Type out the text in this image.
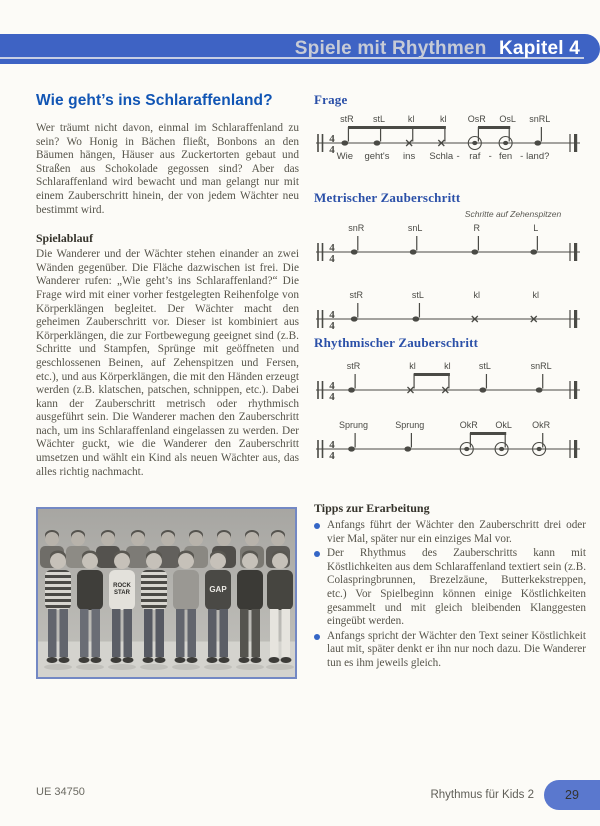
Spiele mit Rhythmen Kapitel 4
Wie geht’s ins Schlaraffenland?

Wer träumt nicht davon, einmal im Schlaraffenland zu sein? Wo Honig in Bächen fließt, Bonbons an den Bäumen hängen, Häuser aus Zuckertorten gebaut und Straßen aus Schokolade gegossen sind? Aber das Schlaraffenland wird bewacht und man gelangt nur mit einem Zauberschritt hinein, der von jedem Wächter neu bestimmt wird.

Spielablauf

Die Wanderer und der Wächter stehen einander an zwei Wänden gegenüber. Die Fläche dazwischen ist frei. Die Wanderer rufen: „Wie geht’s ins Schlaraffenland?“ Die Frage wird mit einer vorher festgelegten Reihenfolge von Körperklängen begleitet. Der Wächter macht den geheimen Zauberschritt vor. Dieser ist kombiniert aus Körperklängen, die zur Fortbewegung geeignet sind (z.B. Schritte und Stampfen, Sprünge mit geöffneten und geschlossenen Beinen, auf Zehenspitzen und Fersen, etc.), und aus Körperklängen, die mit den Händen erzeugt werden (z.B. klatschen, patschen, schnippen, etc.). Dabei kann der Zauberschritt metrisch oder rhythmisch ausgeführt sein. Die Wanderer machen den Zauberschritt nach, um ins Schlaraffenland eingelassen zu werden. Der Wächter guckt, wie die Wanderer den Zauberschritt umsetzen und wählt ein Kind als neuen Wächter aus, das alles richtig nachmacht.

ROCK
STAR	GAP
Frage
4
4
stR
Wie
stL
geht's
kl
ins
kl
Schla -
OsR
raf -
OsL
fen -
snRL
land?
Metrischer Zauberschritt
4
4
Schritte auf Zehenspitzen
snR	snL	R	L
4
4
stR	stL	kl	kl
Rhythmischer Zauberschritt
4
4
stR	kl	kl	stL	snRL
4
4
Sprung	Sprung	OkR OkL OkR
Tipps zur Erarbeitung
Anfangs führt der Wächter den Zauberschritt drei oder vier Mal, später nur ein einziges Mal vor.
Der Rhythmus des Zauberschritts kann mit Köstlichkeiten aus dem Schlaraffenland textiert sein (z.B. Colaspringbrunnen, Brezelzäune, Butterkekstreppen, etc.) Vor Spielbeginn können einige Köstlichkeiten gesammelt und mit gleich bleibenden Klanggesten eingeübt werden.
Anfangs spricht der Wächter den Text seiner Köstlichkeit laut mit, später denkt er ihn nur noch dazu. Die Wanderer tun es ihm jeweils gleich.
UE 34750	Rhythmus für Kids 2 29
